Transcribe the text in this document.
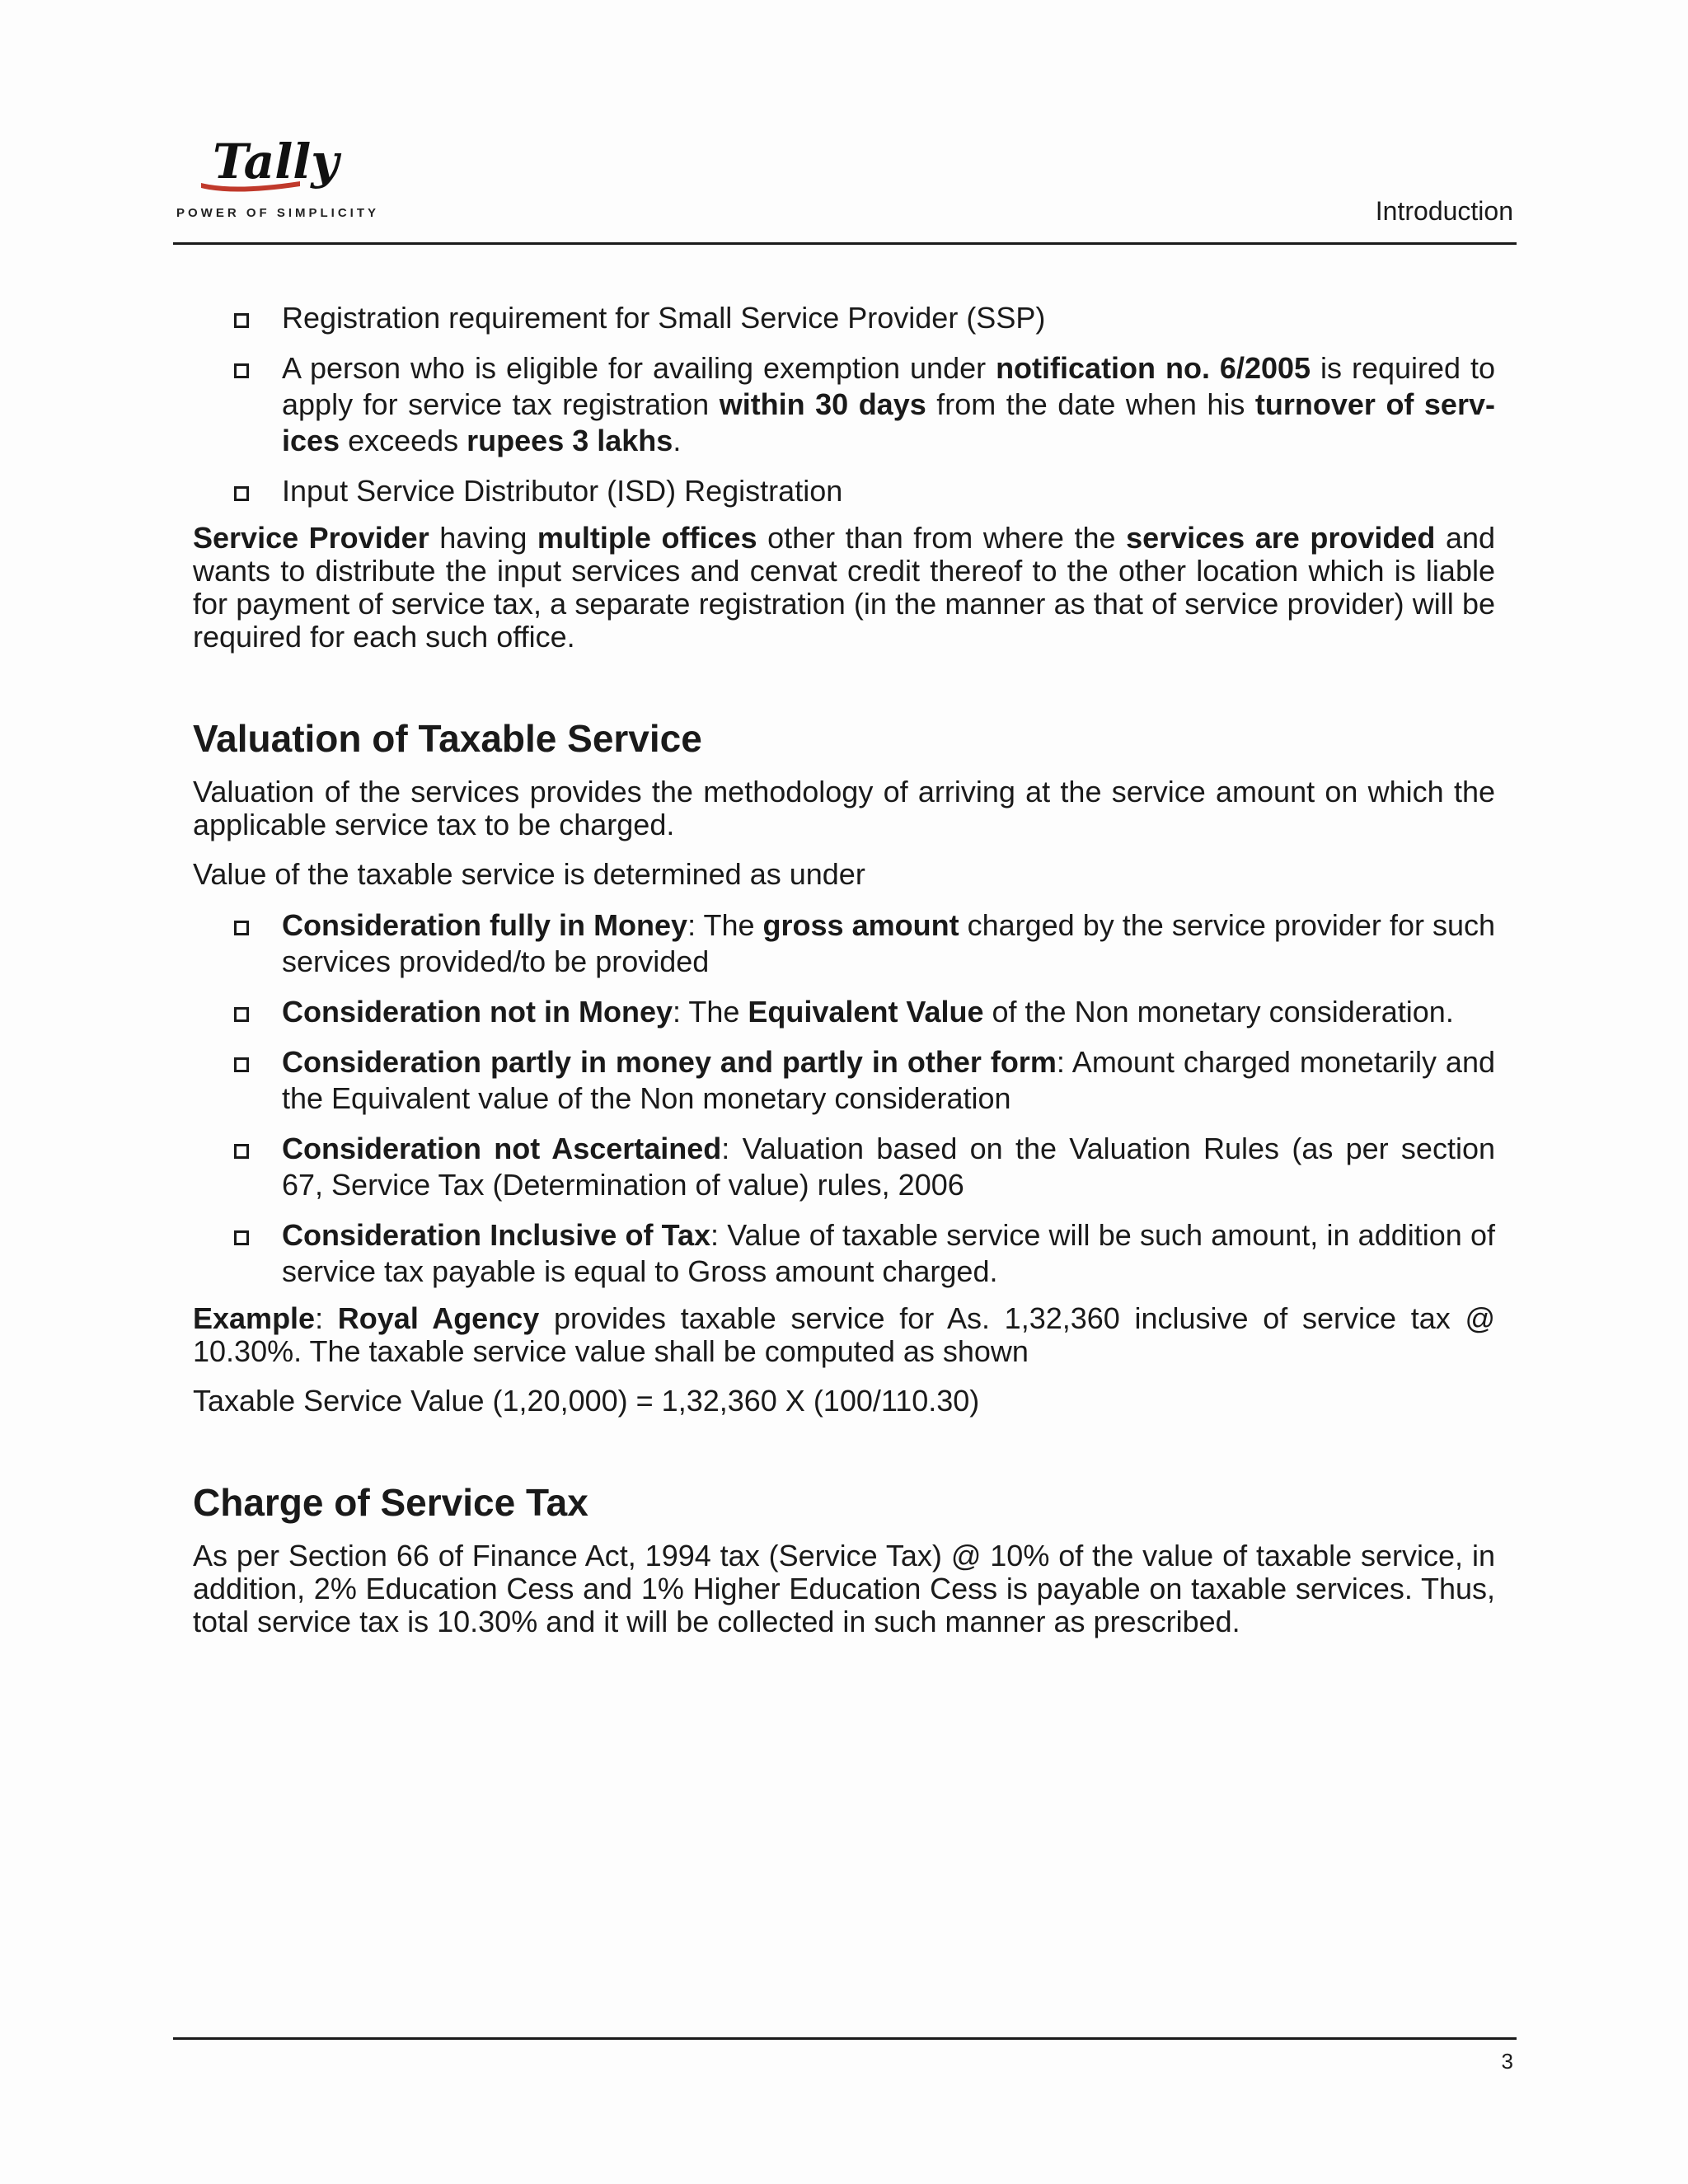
Tally
POWER OF SIMPLICITY	Introduction
Registration requirement for Small Service Provider (SSP)
A person who is eligible for availing exemption under notification no. 6/2005 is required to apply for service tax registration within 30 days from the date when his turnover of serv-ices exceeds rupees 3 lakhs.
Input Service Distributor (ISD) Registration

Service Provider having multiple offices other than from where the services are provided and wants to distribute the input services and cenvat credit thereof to the other location which is liable for payment of service tax, a separate registration (in the manner as that of service provider) will be required for each such office.

Valuation of Taxable Service

Valuation of the services provides the methodology of arriving at the service amount on which the applicable service tax to be charged.

Value of the taxable service is determined as under

Consideration fully in Money: The gross amount charged by the service provider for such services provided/to be provided
Consideration not in Money: The Equivalent Value of the Non monetary consideration.
Consideration partly in money and partly in other form: Amount charged monetarily and the Equivalent value of the Non monetary consideration
Consideration not Ascertained: Valuation based on the Valuation Rules (as per section 67, Service Tax (Determination of value) rules, 2006
Consideration Inclusive of Tax: Value of taxable service will be such amount, in addition of service tax payable is equal to Gross amount charged.

Example: Royal Agency provides taxable service for As. 1,32,360 inclusive of service tax @ 10.30%. The taxable service value shall be computed as shown

Taxable Service Value (1,20,000) = 1,32,360 X (100/110.30)

Charge of Service Tax

As per Section 66 of Finance Act, 1994 tax (Service Tax) @ 10% of the value of taxable service, in addition, 2% Education Cess and 1% Higher Education Cess is payable on taxable services. Thus, total service tax is 10.30% and it will be collected in such manner as prescribed.

3
